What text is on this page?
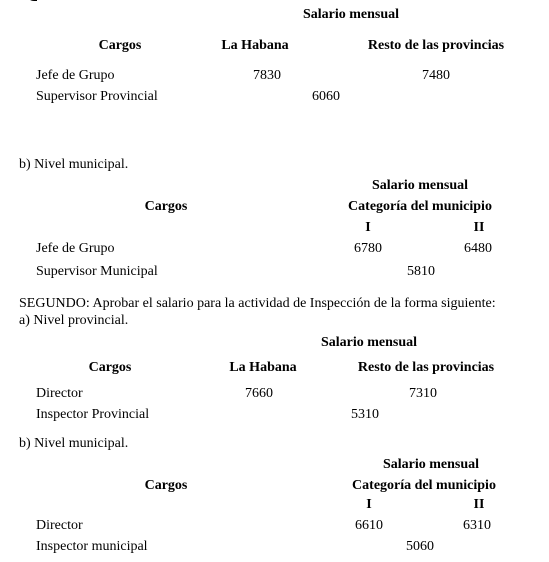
Salario mensual
Cargos	La Habana	Resto de las provincias
Jefe de Grupo	7830	7480
Supervisor Provincial	6060
b) Nivel municipal.
Salario mensual
Categoría del municipio
Cargos
I	II
Jefe de Grupo	6780	6480
Supervisor Municipal	5810
SEGUNDO: Aprobar el salario para la actividad de Inspección de la forma siguiente:
a) Nivel provincial.
Salario mensual
Cargos	La Habana	Resto de las provincias
Director	7660	7310
Inspector Provincial	5310
b) Nivel municipal.
Salario mensual
Categoría del municipio
Cargos
I	II
Director	6610	6310
Inspector municipal	5060
